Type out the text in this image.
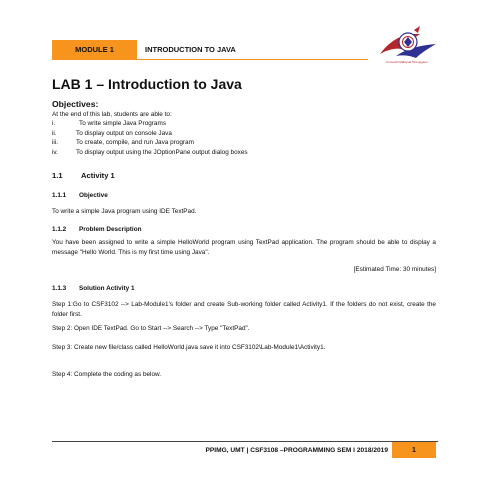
MODULE 1	INTRODUCTION TO JAVA
Universiti Malaysia Terengganu
LAB 1 – Introduction to Java
Objectives:
At the end of this lab, students are able to:
i.	To write simple Java Programs
ii.	To display output on console Java
iii.	To create, compile, and run Java program
iv.	To display output using the JOptionPane output dialog boxes
1.1	Activity 1
1.1.1	Objective
To write a simple Java program using IDE TextPad.
1.1.2	Problem Description
You have been assigned to write a simple HelloWorld program using TextPad application. The program should be able to display a message "Hello World. This is my first time using Java".
[Estimated Time: 30 minutes]
1.1.3	Solution Activity 1
Step 1:Go to CSF3102 --> Lab-Module1’s folder and create Sub-working folder called Activity1. If the folders do not exist, create the folder first.
Step 2: Open IDE TextPad. Go to Start --> Search --> Type "TextPad".
Step 3: Create new file/class called HelloWorld.java save it into CSF3102\Lab-Module1\Activity1.
Step 4: Complete the coding as below.
PPIMG, UMT | CSF3108 –PROGRAMMING SEM I 2018/2019	1
